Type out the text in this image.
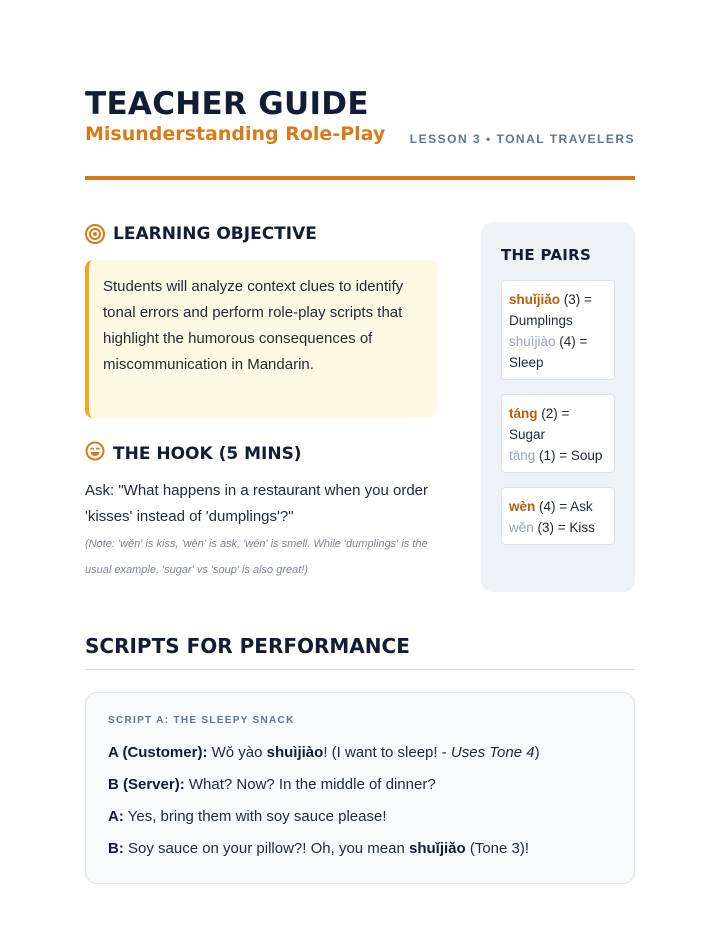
TEACHER GUIDE
Misunderstanding Role-Play LESSON 3 • TONAL TRAVELERS
LEARNING OBJECTIVE
Students will analyze context clues to identify tonal errors and perform role-play scripts that highlight the humorous consequences of miscommunication in Mandarin.
THE HOOK (5 MINS)
Ask: "What happens in a restaurant when you order 'kisses' instead of 'dumplings'?"
(Note: 'wěn' is kiss, 'wèn' is ask, 'wén' is smell. While 'dumplings' is the usual example, 'sugar' vs 'soup' is also great!)
THE PAIRS
shuǐjiǎo (3) = Dumplings
shuìjiào (4) = Sleep
táng (2) = Sugar
tāng (1) = Soup
wèn (4) = Ask
wěn (3) = Kiss
SCRIPTS FOR PERFORMANCE
SCRIPT A: THE SLEEPY SNACK
A (Customer): Wǒ yào shuìjiào! (I want to sleep! - Uses Tone 4)
B (Server): What? Now? In the middle of dinner?
A: Yes, bring them with soy sauce please!
B: Soy sauce on your pillow?! Oh, you mean shuǐjiǎo (Tone 3)!
